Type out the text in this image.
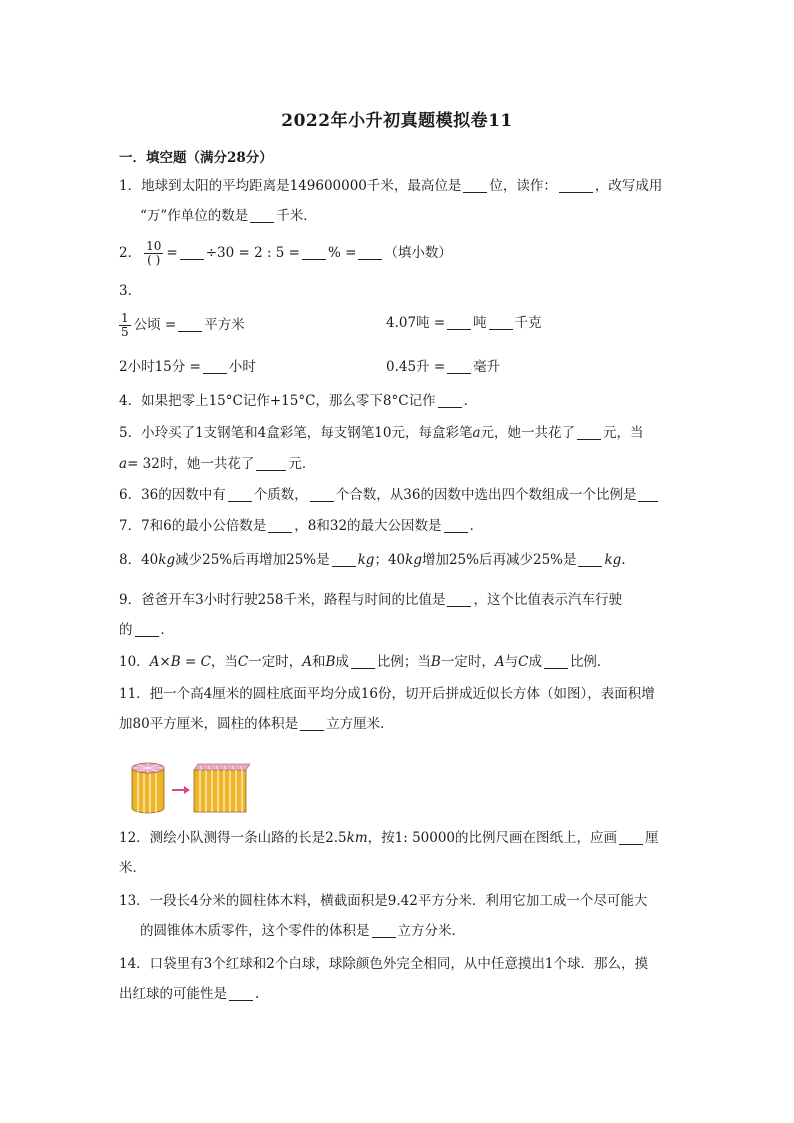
2022年小升初真题模拟卷11
一．填空题（满分28分）
1．地球到太阳的平均距离是149600000千米，最高位是 位，读作：	，改写成用
“万”作单位的数是 千米．
2． $\frac{10}{( )} = \div 30 = 2$ : 5 = % = （填小数）
3．
$\frac{1}{5}$ 公顷 = 平方米	4.07吨 = 吨 千克
2小时15分 = 小时	0.45升 = 毫升
4．如果把零上15°C记作+15°C，那么零下8°C记作 ．
5．小玲买了1支钢笔和4盒彩笔，每支钢笔10元，每盒彩笔a元，她一共花了 元，当
a= 32时，她一共花了	元．
6．36的因数中有 个质数， 个合数，从36的因数中选出四个数组成一个比例是
7．7和6的最小公倍数是 ，8和32的最大公因数是 ．
8．40kg减少25%后再增加25%是 kg；40kg增加25%后再减少25%是 kg．
9．爸爸开车3小时行驶258千米，路程与时间的比值是 ，这个比值表示汽车行驶
的 ．
10．A×B = C，当C一定时，A和B成 比例；当B一定时，A与C成 比例．
11．把一个高4厘米的圆柱底面平均分成16份，切开后拼成近似长方体（如图），表面积增
加80平方厘米，圆柱的体积是 立方厘米．
12．测绘小队测得一条山路的长是2.5km，按1: 50000的比例尺画在图纸上，应画 厘
米．
13．一段长4分米的圆柱体木料，横截面积是9.42平方分米．利用它加工成一个尽可能大
的圆锥体木质零件，这个零件的体积是 立方分米．
14．口袋里有3个红球和2个白球，球除颜色外完全相同，从中任意摸出1个球．那么，摸
出红球的可能性是 .
